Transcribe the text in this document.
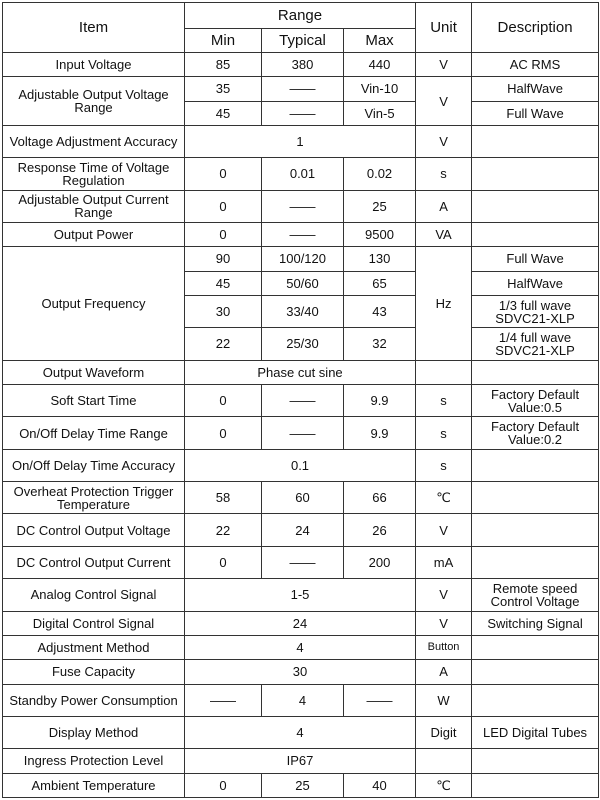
Item	Range			Unit	Description
	Min	Typical	Max		
Input Voltage	85	380	440	V	AC RMS
Adjustable Output Voltage Range	35	——	Vin-10	V	HalfWave
	45	——	Vin-5		Full Wave
Voltage Adjustment Accuracy	1			V	
Response Time of Voltage Regulation	0	0.01	0.02	s	
Adjustable Output Current Range	0	——	25	A	
Output Power	0	——	9500	VA	
Output Frequency	90	100/120	130	Hz	Full Wave
	45	50/60	65		HalfWave
	30	33/40	43		1/3 full wave SDVC21-XLP
	22	25/30	32		1/4 full wave SDVC21-XLP
Output Waveform	Phase cut sine				
Soft Start Time	0	——	9.9	s	Factory Default Value:0.5
On/Off Delay Time Range	0	——	9.9	s	Factory Default Value:0.2
On/Off Delay Time Accuracy	0.1			s	
Overheat Protection Trigger Temperature	58	60	66	℃	
DC Control Output Voltage	22	24	26	V	
DC Control Output Current	0	——	200	mA	
Analog Control Signal	1-5			V	Remote speed Control Voltage
Digital Control Signal	24			V	Switching Signal
Adjustment Method	4			Button	
Fuse Capacity	30			A	
Standby Power Consumption	——	4	——	W	
Display Method	4			Digit	LED Digital Tubes
Ingress Protection Level	IP67				
Ambient Temperature	0	25	40	℃	
